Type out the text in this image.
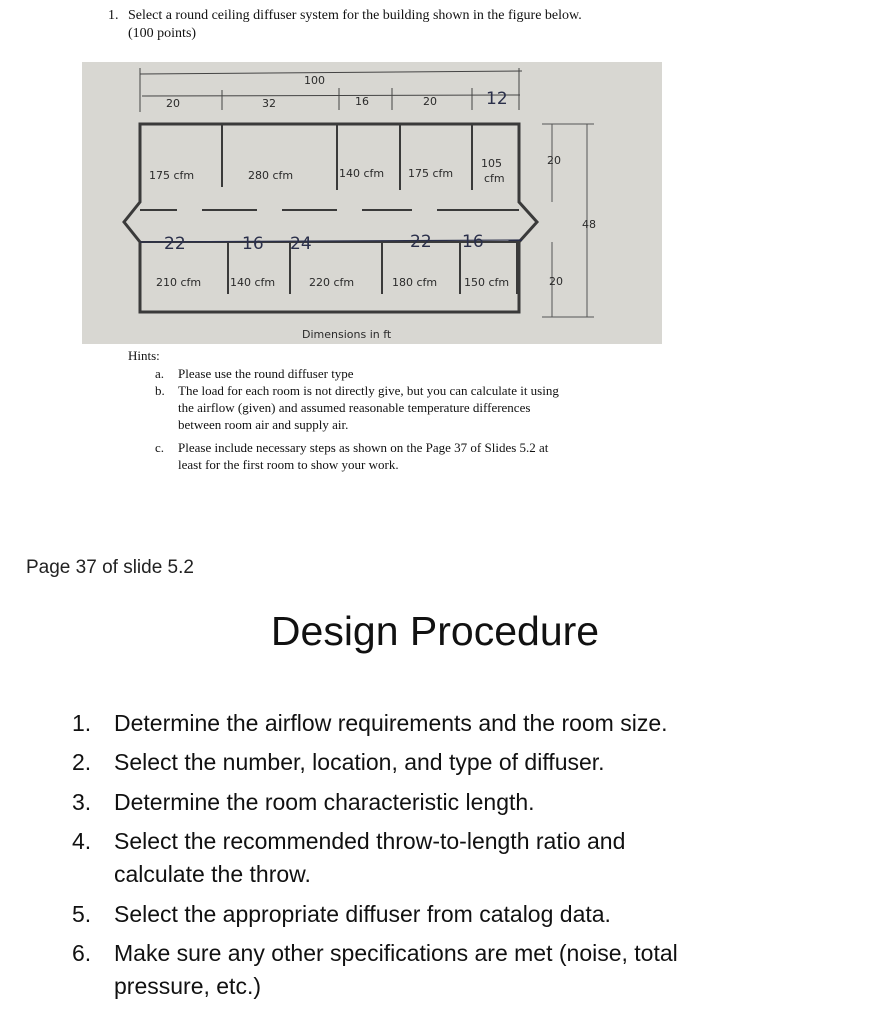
1. Select a round ceiling diffuser system for the building shown in the figure below.
(100 points)
100
20	32	16	20	12
20
48
20
175 cfm	280 cfm	140 cfm 175 cfm
105
cfm
22	16 24	22 16
210 cfm	140 cfm	220 cfm	180 cfm 150 cfm
Dimensions in ft
Hints:
a. Please use the round diffuser type
b. The load for each room is not directly give, but you can calculate it using
the airflow (given) and assumed reasonable temperature differences
between room air and supply air.
c. Please include necessary steps as shown on the Page 37 of Slides 5.2 at
least for the first room to show your work.
Page 37 of slide 5.2
Design Procedure
1. Determine the airflow requirements and the room size.
2. Select the number, location, and type of diffuser.
3. Determine the room characteristic length.
4. Select the recommended throw-to-length ratio and
calculate the throw.
5. Select the appropriate diffuser from catalog data.
6. Make sure any other specifications are met (noise, total
pressure, etc.)
